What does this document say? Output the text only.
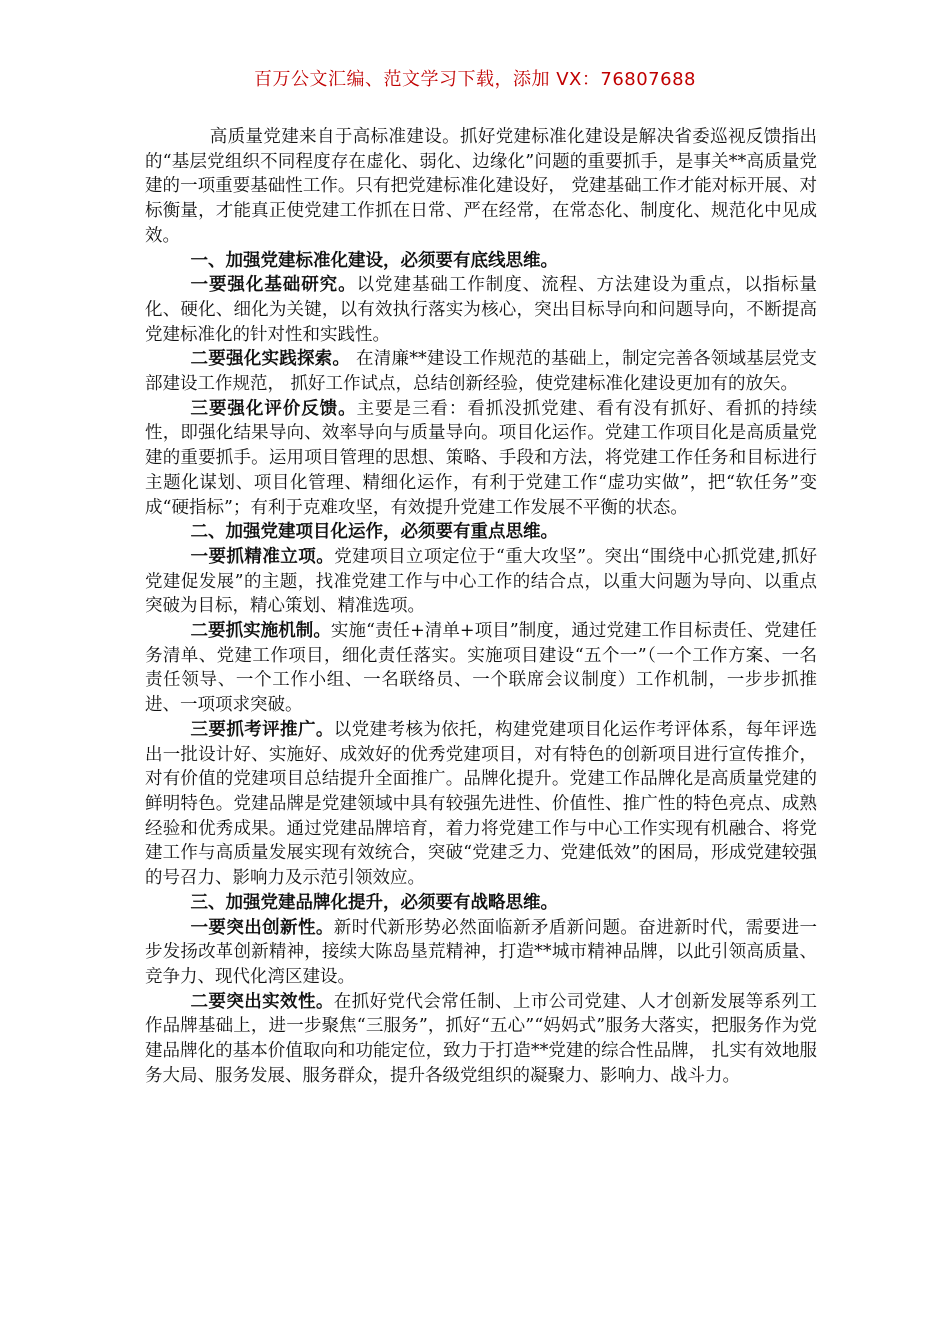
百万公文汇编、范文学习下载，添加 VX：76807688

高质量党建来自于高标准建设。抓好党建标准化建设是解决省委巡视反馈指出的“基层党组织不同程度存在虚化、弱化、边缘化”问题的重要抓手，是事关**高质量党建的一项重要基础性工作。只有把党建标准化建设好， 党建基础工作才能对标开展、对标衡量，才能真正使党建工作抓在日常、严在经常，在常态化、制度化、规范化中见成效。

一、加强党建标准化建设，必须要有底线思维。

一要强化基础研究。以党建基础工作制度、流程、方法建设为重点，以指标量化、硬化、细化为关键，以有效执行落实为核心，突出目标导向和问题导向，不断提高党建标准化的针对性和实践性。

二要强化实践探索。 在清廉**建设工作规范的基础上，制定完善各领域基层党支部建设工作规范， 抓好工作试点，总结创新经验，使党建标准化建设更加有的放矢。

三要强化评价反馈。主要是三看：看抓没抓党建、看有没有抓好、看抓的持续性，即强化结果导向、效率导向与质量导向。项目化运作。党建工作项目化是高质量党建的重要抓手。运用项目管理的思想、策略、手段和方法，将党建工作任务和目标进行主题化谋划、项目化管理、精细化运作，有利于党建工作“虚功实做”，把“软任务”变成“硬指标”；有利于克难攻坚，有效提升党建工作发展不平衡的状态。

二、加强党建项目化运作，必须要有重点思维。

一要抓精准立项。党建项目立项定位于“重大攻坚”。突出“围绕中心抓党建,抓好党建促发展”的主题，找准党建工作与中心工作的结合点，以重大问题为导向、以重点突破为目标，精心策划、精准选项。

二要抓实施机制。实施“责任+清单+项目”制度，通过党建工作目标责任、党建任务清单、党建工作项目，细化责任落实。实施项目建设“五个一”（一个工作方案、一名责任领导、一个工作小组、一名联络员、一个联席会议制度）工作机制，一步步抓推进、一项项求突破。

三要抓考评推广。以党建考核为依托，构建党建项目化运作考评体系，每年评选出一批设计好、实施好、成效好的优秀党建项目，对有特色的创新项目进行宣传推介，对有价值的党建项目总结提升全面推广。品牌化提升。党建工作品牌化是高质量党建的鲜明特色。党建品牌是党建领域中具有较强先进性、价值性、推广性的特色亮点、成熟经验和优秀成果。通过党建品牌培育，着力将党建工作与中心工作实现有机融合、将党建工作与高质量发展实现有效统合，突破“党建乏力、党建低效”的困局，形成党建较强的号召力、影响力及示范引领效应。

三、加强党建品牌化提升，必须要有战略思维。

一要突出创新性。新时代新形势必然面临新矛盾新问题。奋进新时代，需要进一步发扬改革创新精神，接续大陈岛垦荒精神，打造**城市精神品牌，以此引领高质量、竞争力、现代化湾区建设。

二要突出实效性。在抓好党代会常任制、上市公司党建、人才创新发展等系列工作品牌基础上，进一步聚焦“三服务”，抓好“五心”“妈妈式”服务大落实，把服务作为党建品牌化的基本价值取向和功能定位，致力于打造**党建的综合性品牌， 扎实有效地服务大局、服务发展、服务群众，提升各级党组织的凝聚力、影响力、战斗力。
